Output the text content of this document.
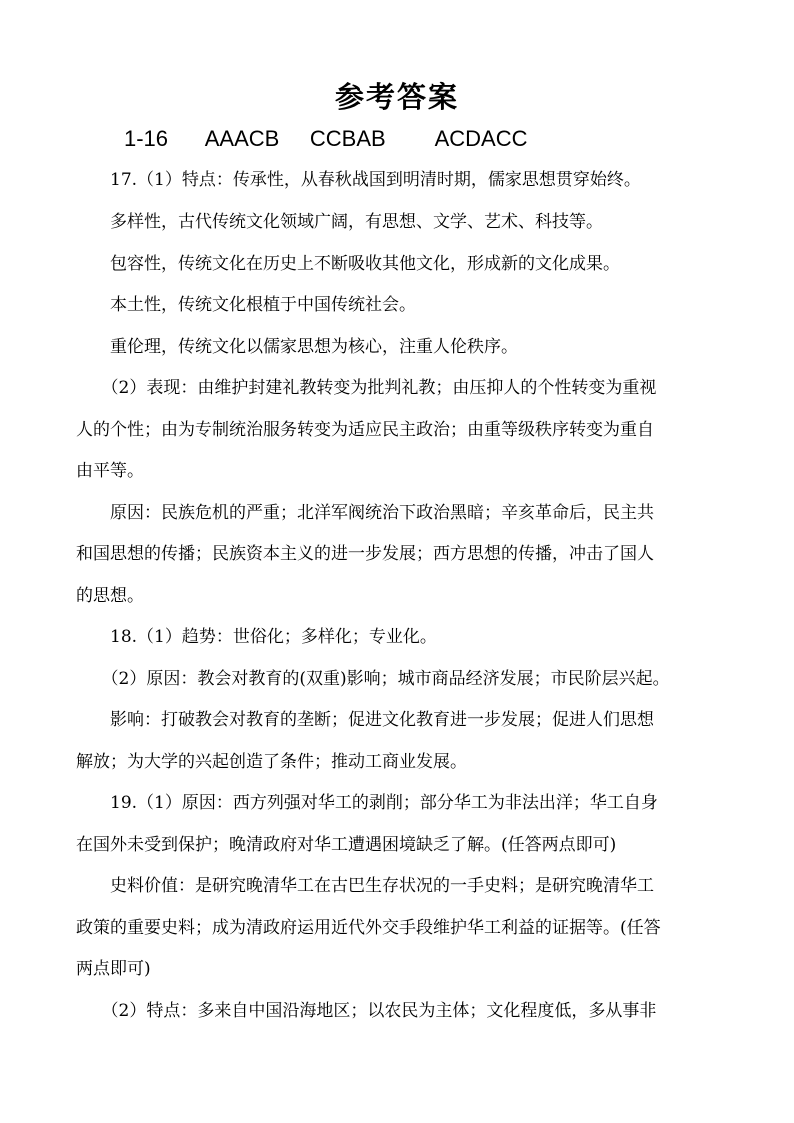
参考答案
1-16 AAACB CCBAB ACDACC
　　17.（1）特点：传承性，从春秋战国到明清时期，儒家思想贯穿始终。
　　多样性，古代传统文化领域广阔，有思想、文学、艺术、科技等。
　　包容性，传统文化在历史上不断吸收其他文化，形成新的文化成果。
　　本土性，传统文化根植于中国传统社会。
　　重伦理，传统文化以儒家思想为核心，注重人伦秩序。
　　（2）表现：由维护封建礼教转变为批判礼教；由压抑人的个性转变为重视
人的个性；由为专制统治服务转变为适应民主政治；由重等级秩序转变为重自
由平等。
　　原因：民族危机的严重；北洋军阀统治下政治黑暗；辛亥革命后，民主共
和国思想的传播；民族资本主义的进一步发展；西方思想的传播，冲击了国人
的思想。
　　18.（1）趋势：世俗化；多样化；专业化。
　　（2）原因：教会对教育的(双重)影响；城市商品经济发展；市民阶层兴起。
　　影响：打破教会对教育的垄断；促进文化教育进一步发展；促进人们思想
解放；为大学的兴起创造了条件；推动工商业发展。
　　19.（1）原因：西方列强对华工的剥削；部分华工为非法出洋；华工自身
在国外未受到保护；晚清政府对华工遭遇困境缺乏了解。(任答两点即可)
　　史料价值：是研究晚清华工在古巴生存状况的一手史料；是研究晚清华工
政策的重要史料；成为清政府运用近代外交手段维护华工利益的证据等。(任答
两点即可)
　　（2）特点：多来自中国沿海地区；以农民为主体；文化程度低，多从事非
